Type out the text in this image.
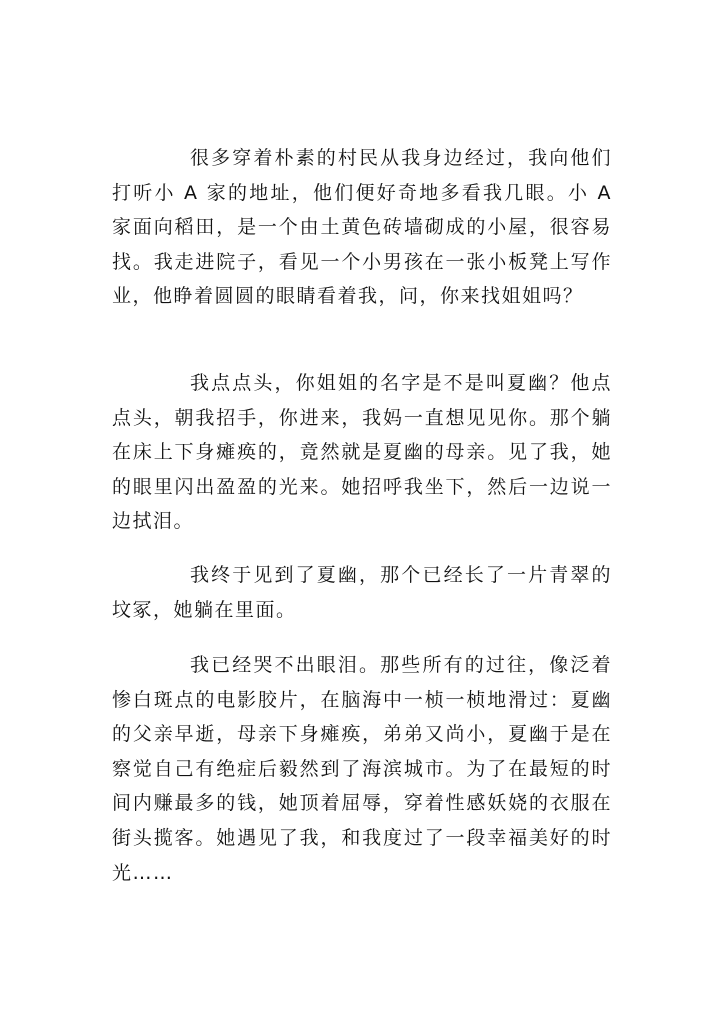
很多穿着朴素的村民从我身边经过，我向他们打听小 A 家的地址，他们便好奇地多看我几眼。小 A 家面向稻田，是一个由土黄色砖墙砌成的小屋，很容易找。我走进院子，看见一个小男孩在一张小板凳上写作业，他睁着圆圆的眼睛看着我，问，你来找姐姐吗？

我点点头，你姐姐的名字是不是叫夏幽？他点点头，朝我招手，你进来，我妈一直想见见你。那个躺在床上下身瘫痪的，竟然就是夏幽的母亲。见了我，她的眼里闪出盈盈的光来。她招呼我坐下，然后一边说一边拭泪。

我终于见到了夏幽，那个已经长了一片青翠的坟冢，她躺在里面。

我已经哭不出眼泪。那些所有的过往，像泛着惨白斑点的电影胶片，在脑海中一桢一桢地滑过：夏幽的父亲早逝，母亲下身瘫痪，弟弟又尚小，夏幽于是在察觉自己有绝症后毅然到了海滨城市。为了在最短的时间内赚最多的钱，她顶着屈辱，穿着性感妖娆的衣服在街头揽客。她遇见了我，和我度过了一段幸福美好的时光……
